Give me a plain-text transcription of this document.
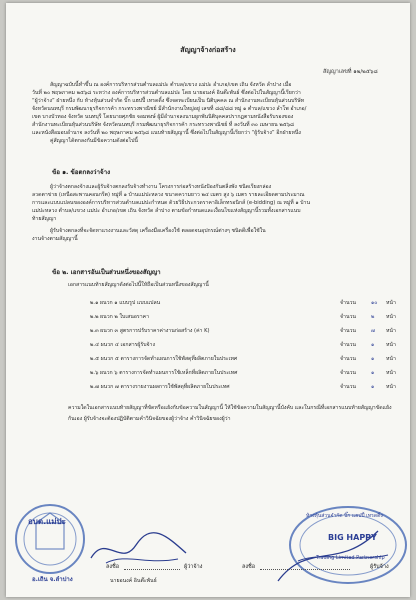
สัญญาจ้างก่อสร้าง
สัญญาเลขที่ ๑๒/๒๕๖๘
สัญญาฉบับนี้ทำขึ้น ณ องค์การบริหารส่วนตำบลแม่ปะ ตำบล/แขวง แม่ปะ อำเภอ/เขต เถิน จังหวัด ลำปาง เมื่อ
วันที่ ๒๐ พฤษภาคม ๒๕๖๘ ระหว่าง องค์การบริหารส่วนตำบลแม่ปะ โดย นายอนงค์ อินต๊ะพันธ์ ซึ่งต่อไปในสัญญานี้เรียกว่า
“ผู้ว่าจ้าง” ฝ่ายหนึ่ง กับ ห้างหุ้นส่วนจำกัด บิ๊ก แฮปปี้ เทรดดิ้ง ซึ่งจดทะเบียนเป็น นิติบุคคล ณ สำนักงานทะเบียนหุ้นส่วนบริษัท
จังหวัดนนทบุรี กรมพัฒนาธุรกิจการค้า กระทรวงพาณิชย์ มีสำนักงานใหญ่อยู่ เลขที่ ๘๘/๘๘ หมู่ ๑ ตำบล/แขวง ลำโพ อำเภอ/
เขต บางบัวทอง จังหวัด นนทบุรี โดยนายศุภชัย จอมพงษ์ ผู้มีอำนาจลงนามผูกพันนิติบุคคลปรากฏตามหนังสือรับรองของ
สำนักงานทะเบียนหุ้นส่วนบริษัท จังหวัดนนทบุรี กรมพัฒนาธุรกิจการค้า กระทรวงพาณิชย์ ที่ ลงวันที่ ๓๐ เมษายน ๒๕๖๘
และหนังสือมอบอำนาจ ลงวันที่ ๒๐ พฤษภาคม ๒๕๖๘ แนบท้ายสัญญานี้ ซึ่งต่อไปในสัญญานี้เรียกว่า “ผู้รับจ้าง” อีกฝ่ายหนึ่ง
คู่สัญญาได้ตกลงกันมีข้อความดังต่อไปนี้
ข้อ ๑. ข้อตกลงว่าจ้าง
ผู้ว่าจ้างตกลงจ้างและผู้รับจ้างตกลงรับจ้างทำงาน โครงการก่อสร้างหนังป้องกันตลิ่งพัง ชนิดเรียงกล่อง
ลวดตาข่าย (เหนือสะพานคอนกรีต) หมู่ที่ ๑ บ้านแม่ปะหลวง ขนาดความยาว ๒๔ เมตร สูง ๖ เมตร รายละเอียดตามประมาณ
การและแบบแปลนขององค์การบริหารส่วนตำบลแม่ปะกำหนด ด้วยวิธีประกวดราคาอิเล็กทรอนิกส์ (e-bidding) ณ หมู่ที่ ๑ บ้าน
แม่ปะหลวง ตำบล/แขวง แม่ปะ อำเภอ/เขต เถิน จังหวัด ลำปาง ตามข้อกำหนดและเงื่อนไขแห่งสัญญานี้รวมทั้งเอกสารแนบ
ท้ายสัญญา
ผู้รับจ้างตกลงที่จะจัดหาแรงงานและวัสดุ เครื่องมือเครื่องใช้ ตลอดจนอุปกรณ์ต่างๆ ชนิดดีเพื่อใช้ใน
งานจ้างตามสัญญานี้
ข้อ ๒. เอกสารอันเป็นส่วนหนึ่งของสัญญา
เอกสารแนบท้ายสัญญาดังต่อไปนี้ให้ถือเป็นส่วนหนึ่งของสัญญานี้
๒.๑ ผนวก ๑ แบบรูป แบบแปลน	จำนวน	๑๐ หน้า
๒.๒ ผนวก ๒ ใบเสนอราคา	จำนวน	๒ หน้า
๒.๓ ผนวก ๓ สูตรการปรับราคาค่างานก่อสร้าง (ค่า K)	จำนวน	๗ หน้า
๒.๔ ผนวก ๔ เอกสารผู้รับจ้าง	จำนวน	๑ หน้า
๒.๕ ผนวก ๕ ตารางการจัดทำแผนการใช้พัสดุที่ผลิตภายในประเทศ	จำนวน	๑ หน้า
๒.๖ ผนวก ๖ ตารางการจัดทำแผนการใช้เหล็กที่ผลิตภายในประเทศ	จำนวน	๑ หน้า
๒.๗ ผนวก ๗ ตารางรายงานผลการใช้พัสดุที่ผลิตภายในประเทศ	จำนวน	๑ หน้า
ความใดในเอกสารแนบท้ายสัญญาที่ขัดหรือแย้งกับข้อความในสัญญานี้ ให้ใช้ข้อความในสัญญานี้บังคับ และในกรณีที่เอกสารแนบท้ายสัญญาขัดแย้งกันเอง ผู้รับจ้างจะต้องปฏิบัติตามคำวินิจฉัยของผู้ว่าจ้าง คำวินิจฉัยของผู้ว่า
อบต.แม่ปะ
อ.เถิน จ.ลำปาง
ลงชื่อ	ผู้ว่าจ้าง
นายอนงค์ อินต๊ะพันธ์
ห้างหุ้นส่วนจำกัด บิ๊ก แฮปปี้ เทรดดิ้ง
BIG HAPPY
Trading Limited Partnership
ลงชื่อ	ผู้รับจ้าง
